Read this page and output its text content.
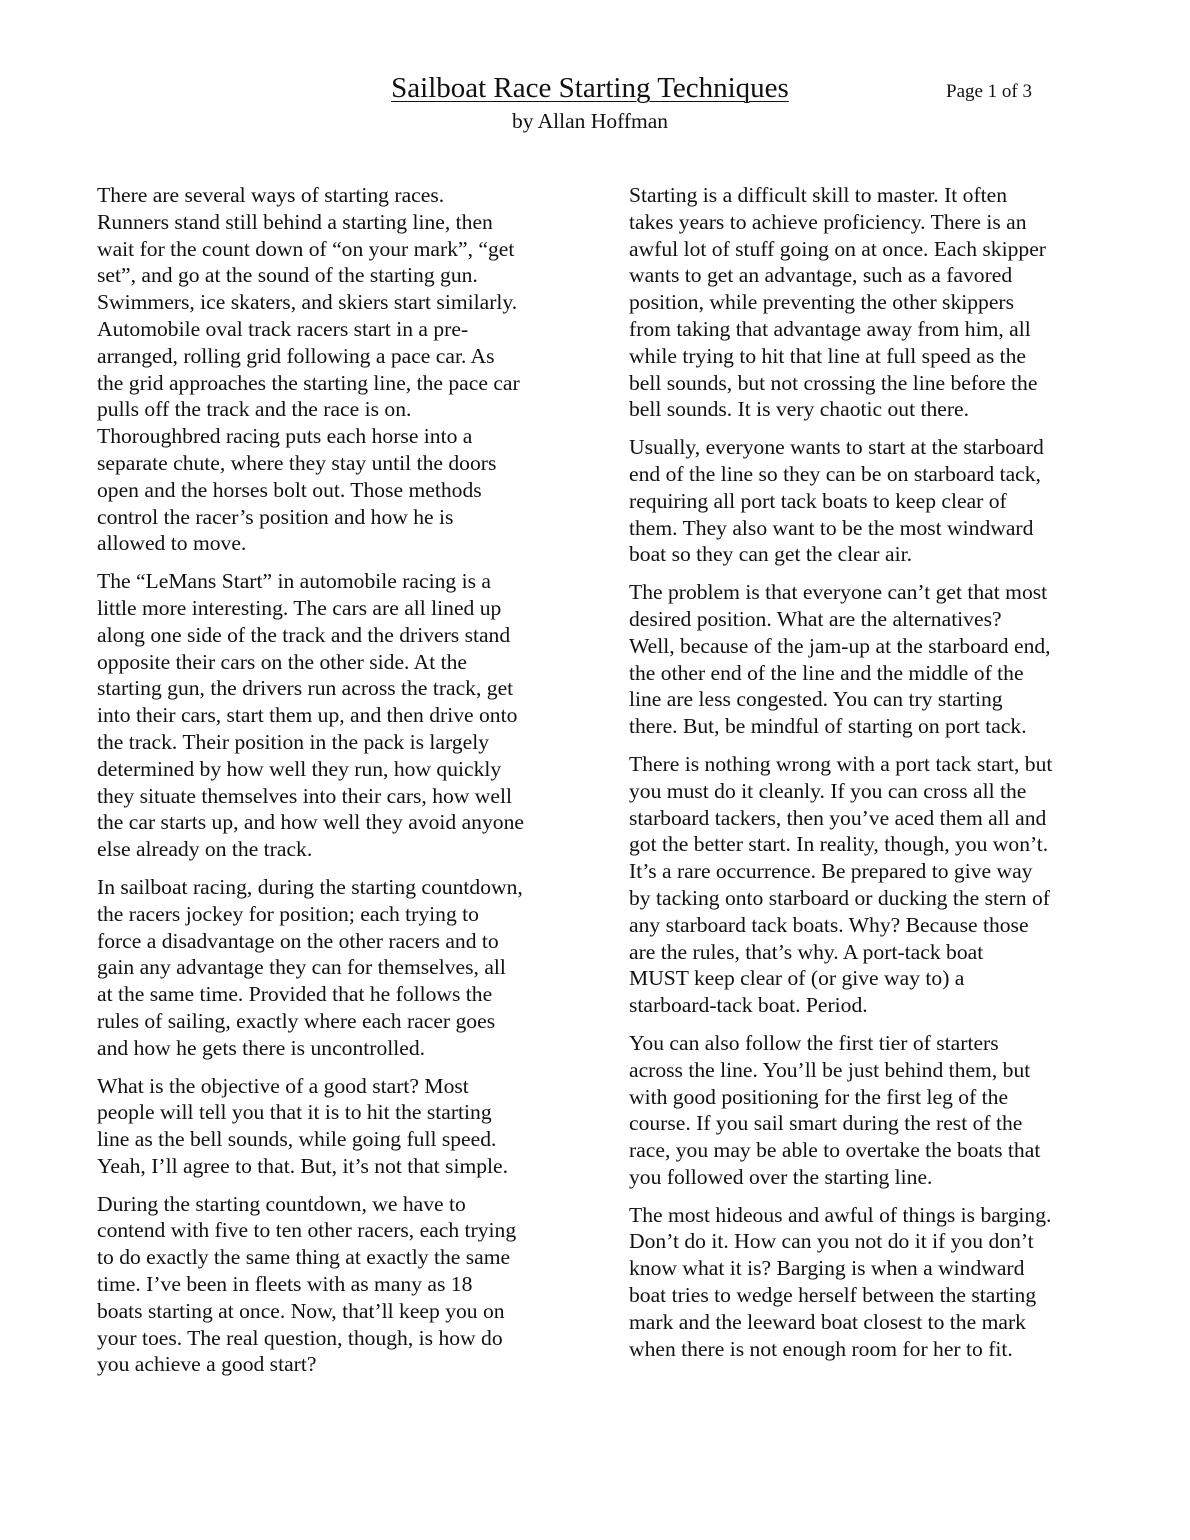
Sailboat Race Starting Techniques	Page 1 of 3
by Allan Hoffman

There are several ways of starting races.
Runners stand still behind a starting line, then
wait for the count down of “on your mark”, “get
set”, and go at the sound of the starting gun.
Swimmers, ice skaters, and skiers start similarly.
Automobile oval track racers start in a pre-
arranged, rolling grid following a pace car. As
the grid approaches the starting line, the pace car
pulls off the track and the race is on.
Thoroughbred racing puts each horse into a
separate chute, where they stay until the doors
open and the horses bolt out. Those methods
control the racer’s position and how he is
allowed to move.

The “LeMans Start” in automobile racing is a
little more interesting. The cars are all lined up
along one side of the track and the drivers stand
opposite their cars on the other side. At the
starting gun, the drivers run across the track, get
into their cars, start them up, and then drive onto
the track. Their position in the pack is largely
determined by how well they run, how quickly
they situate themselves into their cars, how well
the car starts up, and how well they avoid anyone
else already on the track.

In sailboat racing, during the starting countdown,
the racers jockey for position; each trying to
force a disadvantage on the other racers and to
gain any advantage they can for themselves, all
at the same time. Provided that he follows the
rules of sailing, exactly where each racer goes
and how he gets there is uncontrolled.

What is the objective of a good start? Most
people will tell you that it is to hit the starting
line as the bell sounds, while going full speed.
Yeah, I’ll agree to that. But, it’s not that simple.

During the starting countdown, we have to
contend with five to ten other racers, each trying
to do exactly the same thing at exactly the same
time. I’ve been in fleets with as many as 18
boats starting at once. Now, that’ll keep you on
your toes. The real question, though, is how do
you achieve a good start?

Starting is a difficult skill to master. It often
takes years to achieve proficiency. There is an
awful lot of stuff going on at once. Each skipper
wants to get an advantage, such as a favored
position, while preventing the other skippers
from taking that advantage away from him, all
while trying to hit that line at full speed as the
bell sounds, but not crossing the line before the
bell sounds. It is very chaotic out there.

Usually, everyone wants to start at the starboard
end of the line so they can be on starboard tack,
requiring all port tack boats to keep clear of
them. They also want to be the most windward
boat so they can get the clear air.

The problem is that everyone can’t get that most
desired position. What are the alternatives?
Well, because of the jam-up at the starboard end,
the other end of the line and the middle of the
line are less congested. You can try starting
there. But, be mindful of starting on port tack.

There is nothing wrong with a port tack start, but
you must do it cleanly. If you can cross all the
starboard tackers, then you’ve aced them all and
got the better start. In reality, though, you won’t.
It’s a rare occurrence. Be prepared to give way
by tacking onto starboard or ducking the stern of
any starboard tack boats. Why? Because those
are the rules, that’s why. A port-tack boat
MUST keep clear of (or give way to) a
starboard-tack boat. Period.

You can also follow the first tier of starters
across the line. You’ll be just behind them, but
with good positioning for the first leg of the
course. If you sail smart during the rest of the
race, you may be able to overtake the boats that
you followed over the starting line.

The most hideous and awful of things is barging.
Don’t do it. How can you not do it if you don’t
know what it is? Barging is when a windward
boat tries to wedge herself between the starting
mark and the leeward boat closest to the mark
when there is not enough room for her to fit.
